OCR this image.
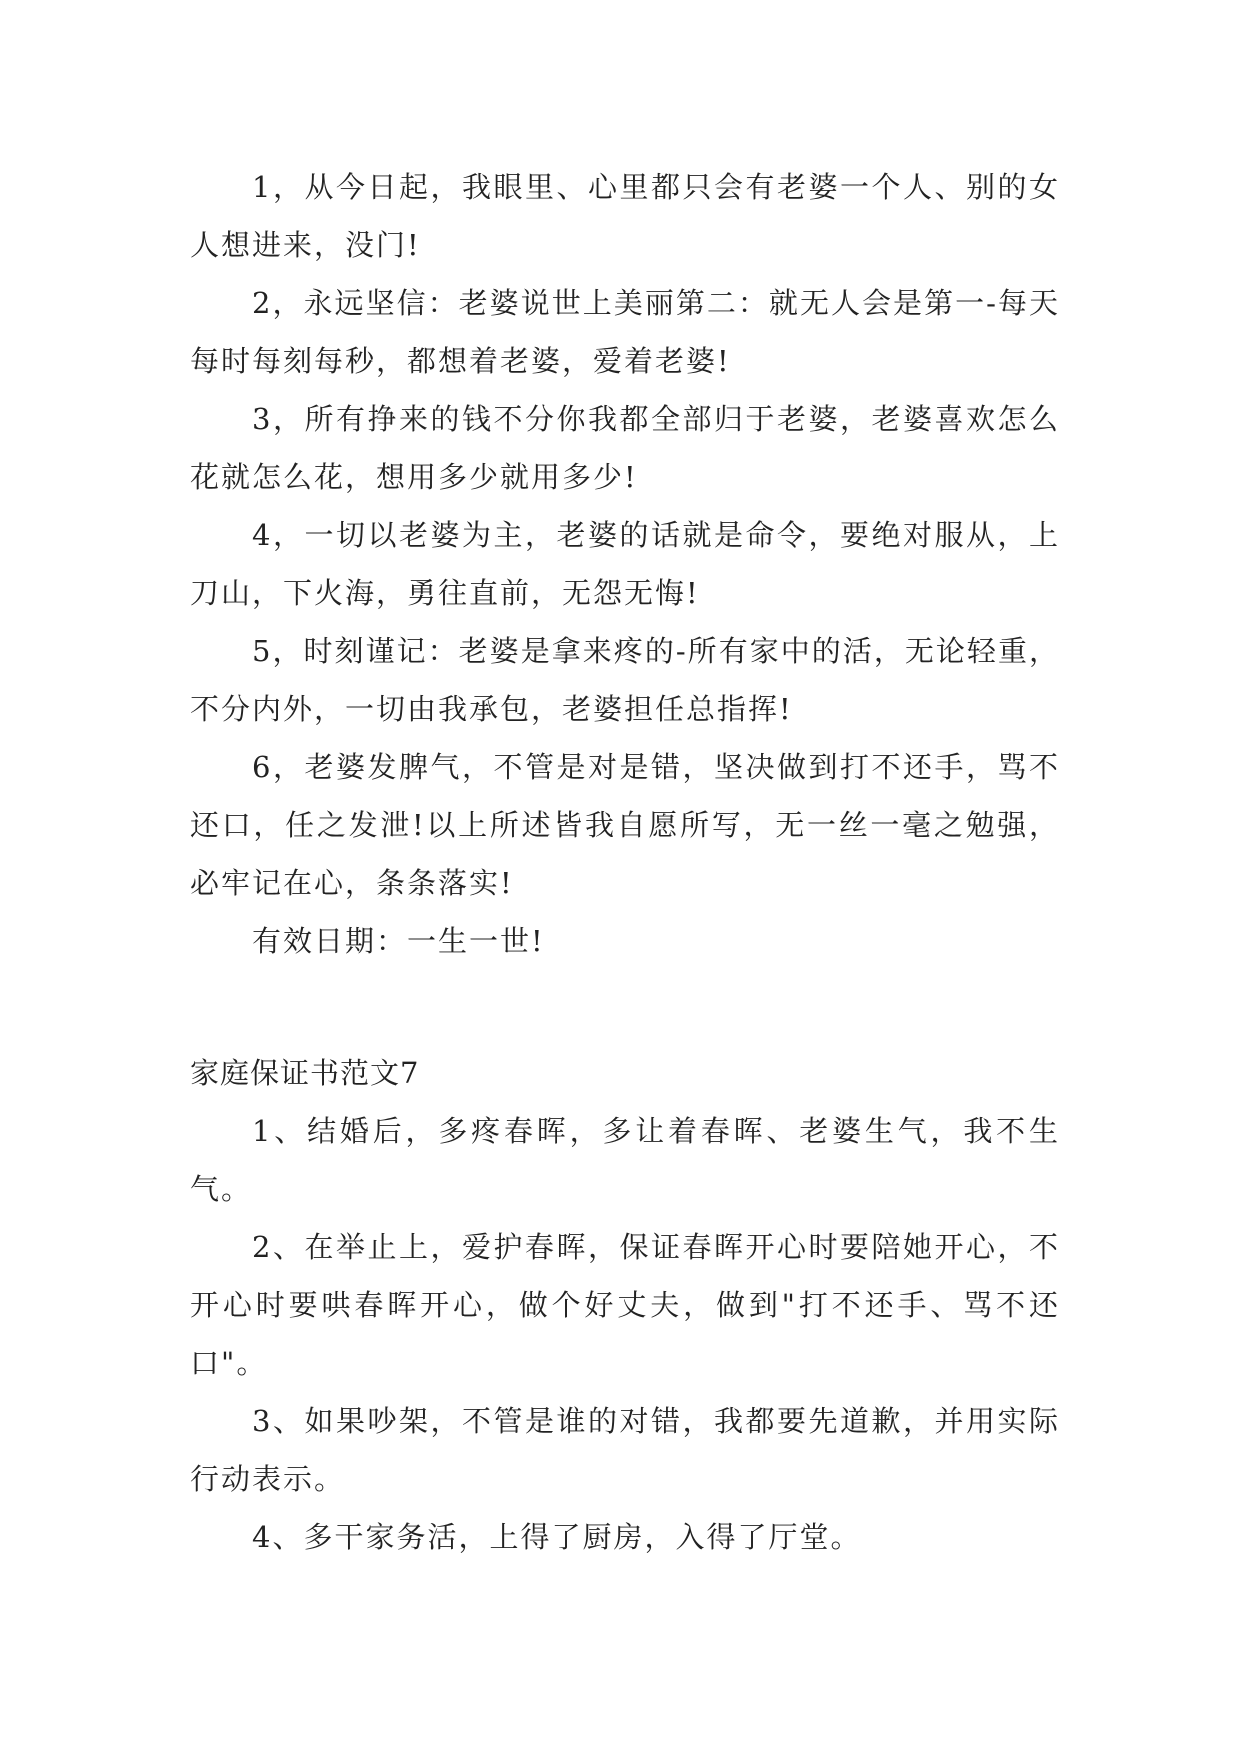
1，从今日起，我眼里、心里都只会有老婆一个人、别的女人想进来，没门!

2，永远坚信：老婆说世上美丽第二：就无人会是第一-每天每时每刻每秒，都想着老婆，爱着老婆!

3，所有挣来的钱不分你我都全部归于老婆，老婆喜欢怎么花就怎么花，想用多少就用多少!

4，一切以老婆为主，老婆的话就是命令，要绝对服从，上刀山，下火海，勇往直前，无怨无悔!

5，时刻谨记：老婆是拿来疼的-所有家中的活，无论轻重，不分内外，一切由我承包，老婆担任总指挥!

6，老婆发脾气，不管是对是错，坚决做到打不还手，骂不还口，任之发泄!以上所述皆我自愿所写，无一丝一毫之勉强，必牢记在心，条条落实!

有效日期：一生一世!

家庭保证书范文7

1、结婚后，多疼春晖，多让着春晖、老婆生气，我不生气。

2、在举止上，爱护春晖，保证春晖开心时要陪她开心，不开心时要哄春晖开心，做个好丈夫，做到"打不还手、骂不还口"。

3、如果吵架，不管是谁的对错，我都要先道歉，并用实际行动表示。

4、多干家务活，上得了厨房，入得了厅堂。
